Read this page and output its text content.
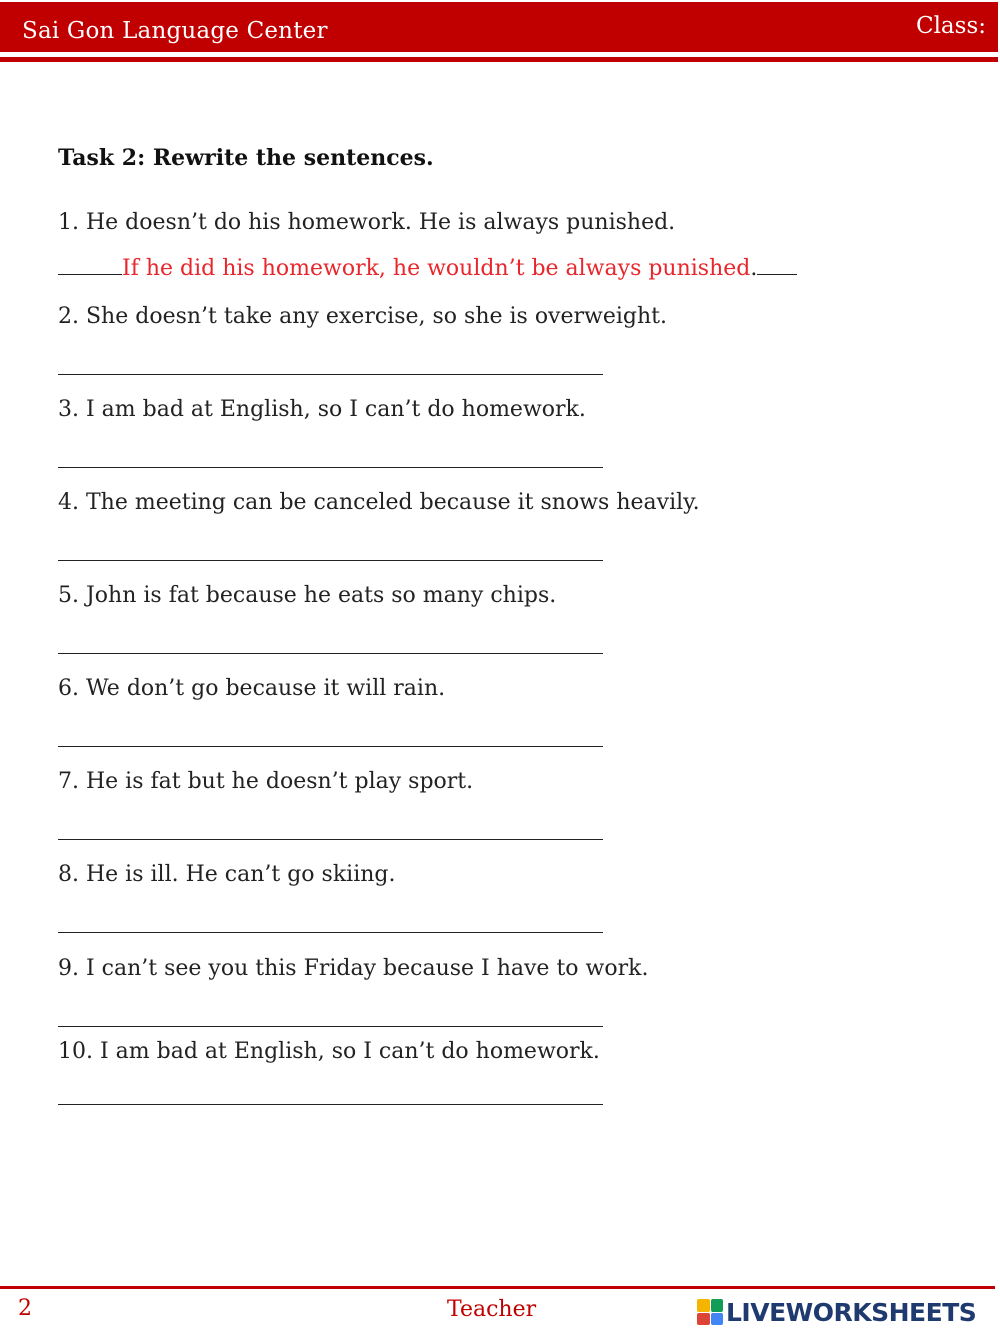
Sai Gon Language Center	Class:
Task 2: Rewrite the sentences.
1. He doesn’t do his homework. He is always punished.
If he did his homework, he wouldn’t be always punished.
2. She doesn’t take any exercise, so she is overweight.
3. I am bad at English, so I can’t do homework.
4. The meeting can be canceled because it snows heavily.
5. John is fat because he eats so many chips.
6. We don’t go because it will rain.
7. He is fat but he doesn’t play sport.
8. He is ill. He can’t go skiing.
9. I can’t see you this Friday because I have to work.
10. I am bad at English, so I can’t do homework.
2	Teacher	LIVEWORKSHEETS
